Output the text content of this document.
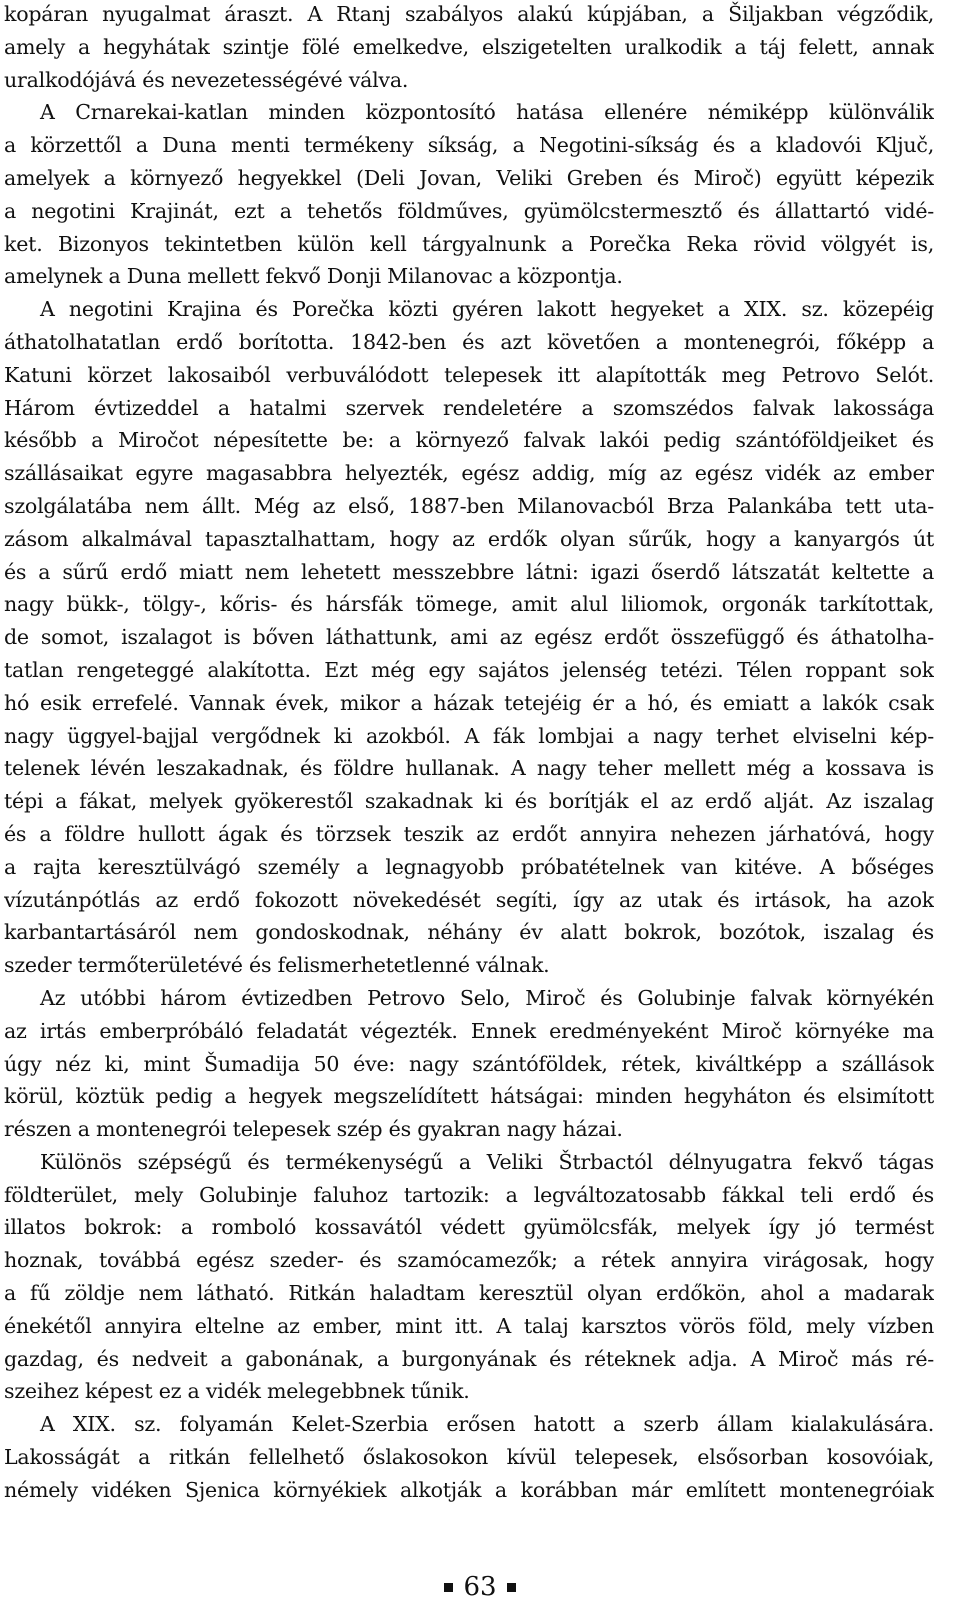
kopáran nyugalmat áraszt. A Rtanj szabályos alakú kúpjában, a Šiljakban végződik,
amely a hegyhátak szintje fölé emelkedve, elszigetelten uralkodik a táj felett, annak
uralkodójává és nevezetességévé válva.
A Crnarekai-katlan minden központosító hatása ellenére némiképp különválik
a körzettől a Duna menti termékeny síkság, a Negotini-síkság és a kladovói Ključ,
amelyek a környező hegyekkel (Deli Jovan, Veliki Greben és Miroč) együtt képezik
a negotini Krajinát, ezt a tehetős földműves, gyümölcstermesztő és állattartó vidé-
ket. Bizonyos tekintetben külön kell tárgyalnunk a Porečka Reka rövid völgyét is,
amelynek a Duna mellett fekvő Donji Milanovac a központja.
A negotini Krajina és Porečka közti gyéren lakott hegyeket a XIX. sz. közepéig
áthatolhatatlan erdő borította. 1842-ben és azt követően a montenegrói, főképp a
Katuni körzet lakosaiból verbuválódott telepesek itt alapították meg Petrovo Selót.
Három évtizeddel a hatalmi szervek rendeletére a szomszédos falvak lakossága
később a Miročot népesítette be: a környező falvak lakói pedig szántóföldjeiket és
szállásaikat egyre magasabbra helyezték, egész addig, míg az egész vidék az ember
szolgálatába nem állt. Még az első, 1887-ben Milanovacból Brza Palankába tett uta-
zásom alkalmával tapasztalhattam, hogy az erdők olyan sűrűk, hogy a kanyargós út
és a sűrű erdő miatt nem lehetett messzebbre látni: igazi őserdő látszatát keltette a
nagy bükk-, tölgy-, kőris- és hársfák tömege, amit alul liliomok, orgonák tarkítottak,
de somot, iszalagot is bőven láthattunk, ami az egész erdőt összefüggő és áthatolha-
tatlan rengeteggé alakította. Ezt még egy sajátos jelenség tetézi. Télen roppant sok
hó esik errefelé. Vannak évek, mikor a házak tetejéig ér a hó, és emiatt a lakók csak
nagy üggyel-bajjal vergődnek ki azokból. A fák lombjai a nagy terhet elviselni kép-
telenek lévén leszakadnak, és földre hullanak. A nagy teher mellett még a kossava is
tépi a fákat, melyek gyökerestől szakadnak ki és borítják el az erdő alját. Az iszalag
és a földre hullott ágak és törzsek teszik az erdőt annyira nehezen járhatóvá, hogy
a rajta keresztülvágó személy a legnagyobb próbatételnek van kitéve. A bőséges
vízutánpótlás az erdő fokozott növekedését segíti, így az utak és irtások, ha azok
karbantartásáról nem gondoskodnak, néhány év alatt bokrok, bozótok, iszalag és
szeder termőterületévé és felismerhetetlenné válnak.
Az utóbbi három évtizedben Petrovo Selo, Miroč és Golubinje falvak környékén
az irtás emberpróbáló feladatát végezték. Ennek eredményeként Miroč környéke ma
úgy néz ki, mint Šumadija 50 éve: nagy szántóföldek, rétek, kiváltképp a szállások
körül, köztük pedig a hegyek megszelídített hátságai: minden hegyháton és elsimított
részen a montenegrói telepesek szép és gyakran nagy házai.
Különös szépségű és termékenységű a Veliki Štrbactól délnyugatra fekvő tágas
földterület, mely Golubinje faluhoz tartozik: a legváltozatosabb fákkal teli erdő és
illatos bokrok: a romboló kossavától védett gyümölcsfák, melyek így jó termést
hoznak, továbbá egész szeder- és szamócamezők; a rétek annyira virágosak, hogy
a fű zöldje nem látható. Ritkán haladtam keresztül olyan erdőkön, ahol a madarak
énekétől annyira eltelne az ember, mint itt. A talaj karsztos vörös föld, mely vízben
gazdag, és nedveit a gabonának, a burgonyának és réteknek adja. A Miroč más ré-
szeihez képest ez a vidék melegebbnek tűnik.
A XIX. sz. folyamán Kelet-Szerbia erősen hatott a szerb állam kialakulására.
Lakosságát a ritkán fellelhető őslakosokon kívül telepesek, elsősorban kosovóiak,
némely vidéken Sjenica környékiek alkotják a korábban már említett montenegróiak
63
